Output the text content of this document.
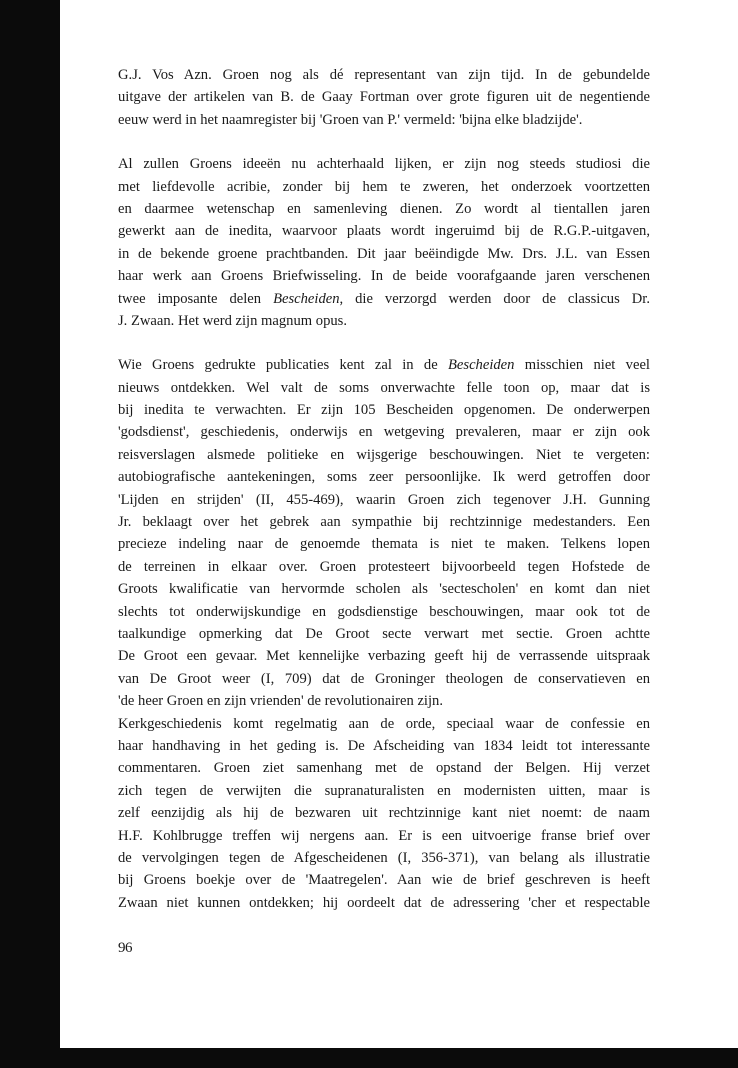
G.J. Vos Azn. Groen nog als dé representant van zijn tijd. In de gebundelde
uitgave der artikelen van B. de Gaay Fortman over grote figuren uit de negentiende
eeuw werd in het naamregister bij 'Groen van P.' vermeld: 'bijna elke bladzijde'.
Al zullen Groens ideeën nu achterhaald lijken, er zijn nog steeds studiosi die
met liefdevolle acribie, zonder bij hem te zweren, het onderzoek voortzetten
en daarmee wetenschap en samenleving dienen. Zo wordt al tientallen jaren
gewerkt aan de inedita, waarvoor plaats wordt ingeruimd bij de R.G.P.-uitgaven,
in de bekende groene prachtbanden. Dit jaar beëindigde Mw. Drs. J.L. van Essen
haar werk aan Groens Briefwisseling. In de beide voorafgaande jaren verschenen
twee imposante delen Bescheiden, die verzorgd werden door de classicus Dr.
J. Zwaan. Het werd zijn magnum opus.
Wie Groens gedrukte publicaties kent zal in de Bescheiden misschien niet veel
nieuws ontdekken. Wel valt de soms onverwachte felle toon op, maar dat is
bij inedita te verwachten. Er zijn 105 Bescheiden opgenomen. De onderwerpen
'godsdienst', geschiedenis, onderwijs en wetgeving prevaleren, maar er zijn ook
reisverslagen alsmede politieke en wijsgerige beschouwingen. Niet te vergeten:
autobiografische aantekeningen, soms zeer persoonlijke. Ik werd getroffen door
'Lijden en strijden' (II, 455-469), waarin Groen zich tegenover J.H. Gunning
Jr. beklaagt over het gebrek aan sympathie bij rechtzinnige medestanders. Een
precieze indeling naar de genoemde themata is niet te maken. Telkens lopen
de terreinen in elkaar over. Groen protesteert bijvoorbeeld tegen Hofstede de
Groots kwalificatie van hervormde scholen als 'sectescholen' en komt dan niet
slechts tot onderwijskundige en godsdienstige beschouwingen, maar ook tot de
taalkundige opmerking dat De Groot secte verwart met sectie. Groen achtte
De Groot een gevaar. Met kennelijke verbazing geeft hij de verrassende uitspraak
van De Groot weer (I, 709) dat de Groninger theologen de conservatieven en
'de heer Groen en zijn vrienden' de revolutionairen zijn.
Kerkgeschiedenis komt regelmatig aan de orde, speciaal waar de confessie en
haar handhaving in het geding is. De Afscheiding van 1834 leidt tot interessante
commentaren. Groen ziet samenhang met de opstand der Belgen. Hij verzet
zich tegen de verwijten die supranaturalisten en modernisten uitten, maar is
zelf eenzijdig als hij de bezwaren uit rechtzinnige kant niet noemt: de naam
H.F. Kohlbrugge treffen wij nergens aan. Er is een uitvoerige franse brief over
de vervolgingen tegen de Afgescheidenen (I, 356-371), van belang als illustratie
bij Groens boekje over de 'Maatregelen'. Aan wie de brief geschreven is heeft
Zwaan niet kunnen ontdekken; hij oordeelt dat de adressering 'cher et respectable
96
